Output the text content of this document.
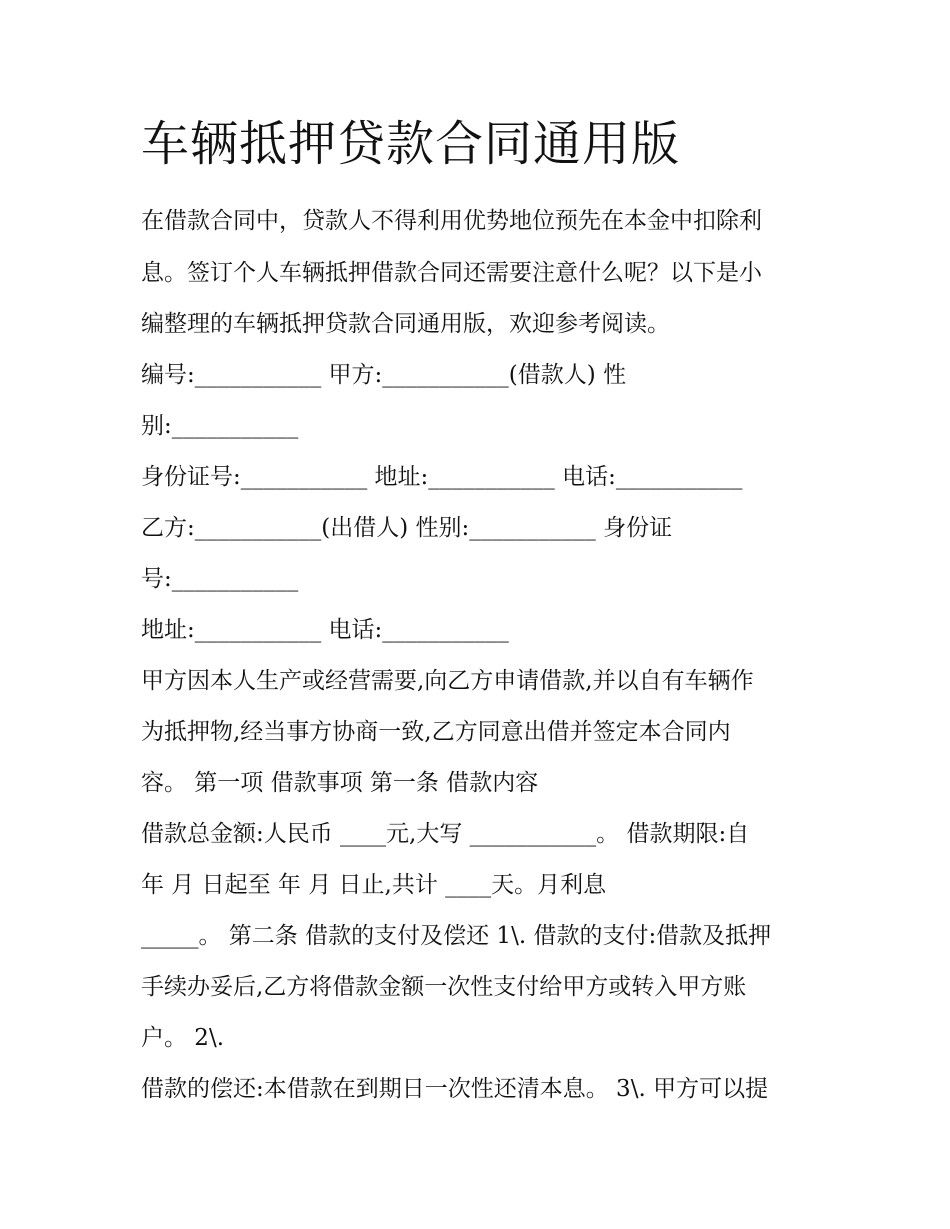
车辆抵押贷款合同通用版
在借款合同中，贷款人不得利用优势地位预先在本金中扣除利
息。签订个人车辆抵押借款合同还需要注意什么呢？以下是小
编整理的车辆抵押贷款合同通用版，欢迎参考阅读。
编号:___________ 甲方:___________(借款人) 性
别:___________
身份证号:___________ 地址:___________ 电话:___________
乙方:___________(出借人) 性别:___________ 身份证
号:___________
地址:___________ 电话:___________
甲方因本人生产或经营需要,向乙方申请借款,并以自有车辆作
为抵押物,经当事方协商一致,乙方同意出借并签定本合同内
容。 第一项 借款事项 第一条 借款内容
借款总金额:人民币 ____元,大写 ___________。 借款期限:自
年 月 日起至 年 月 日止,共计 ____天。月利息
_____。 第二条 借款的支付及偿还 1\. 借款的支付:借款及抵押
手续办妥后,乙方将借款金额一次性支付给甲方或转入甲方账
户。 2\.
借款的偿还:本借款在到期日一次性还清本息。 3\. 甲方可以提
